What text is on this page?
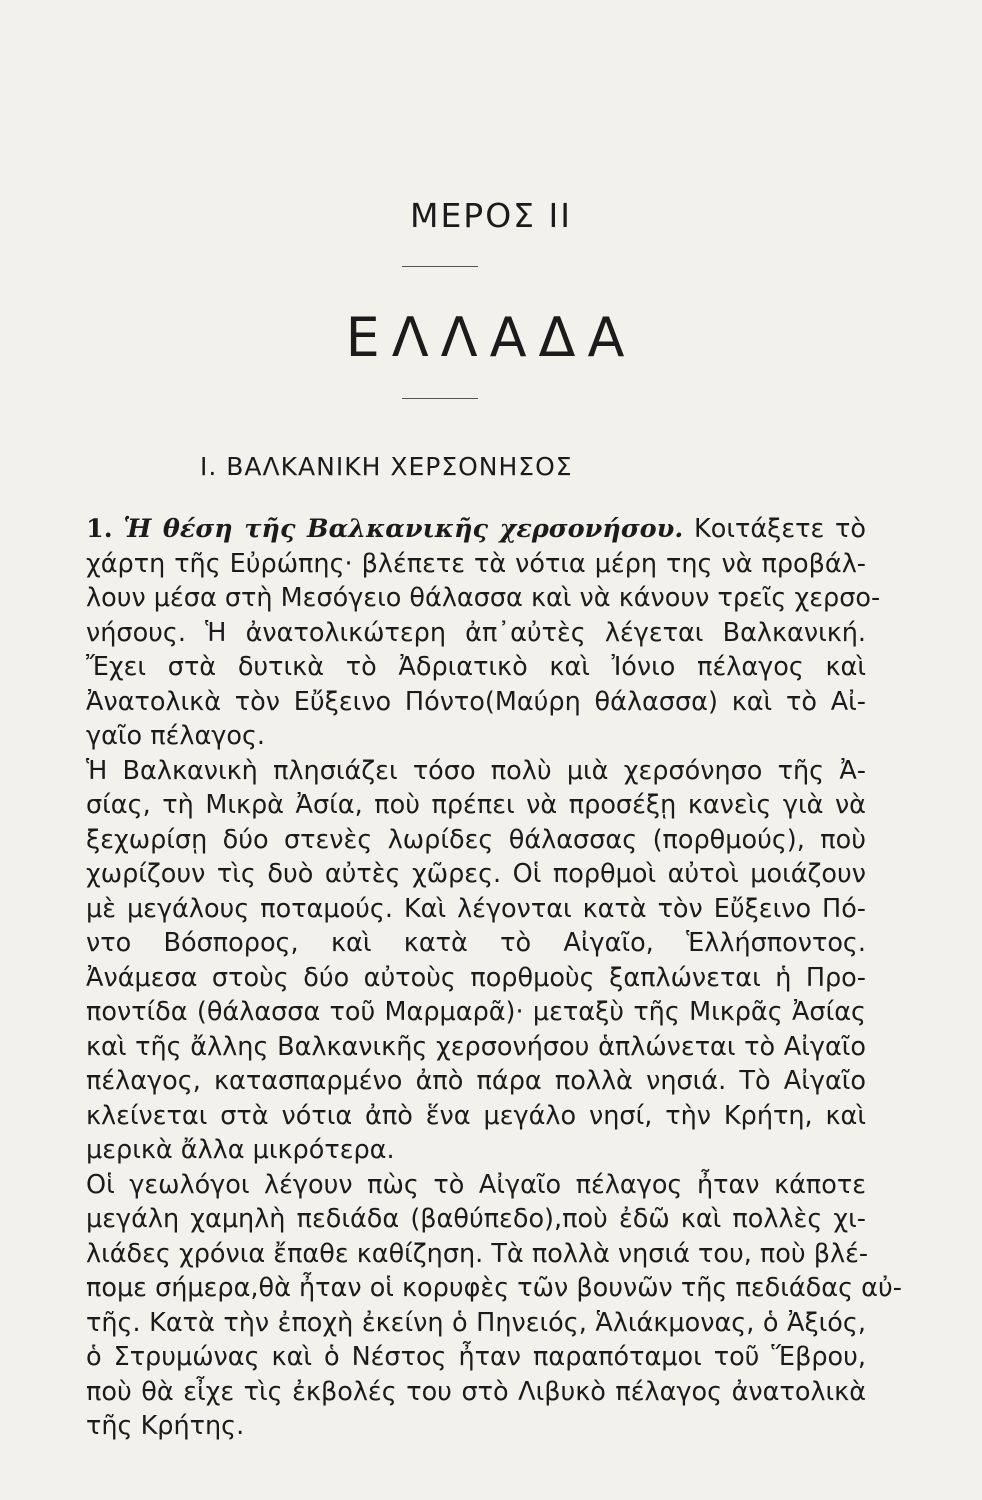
ΜΕΡΟΣ ΙΙ
ΕΛΛΑΔΑ
Ι. ΒΑΛΚΑΝΙΚΗ ΧΕΡΣΟΝΗΣΟΣ
1. Ἡ θέση τῆς Βαλκανικῆς χερσονήσου. Κοιτάξετε τὸ
χάρτη τῆς Εὐρώπης· βλέπετε τὰ νότια μέρη της νὰ προβάλ-
λουν μέσα στὴ Μεσόγειο θάλασσα καὶ νὰ κάνουν τρεῖς χερσο-
νήσους. Ἡ ἀνατολικώτερη ἀπ᾽αὐτὲς λέγεται Βαλκανική.
Ἔχει στὰ δυτικὰ τὸ Ἀδριατικὸ καὶ Ἰόνιο πέλαγος καὶ
Ἀνατολικὰ τὸν Εὔξεινο Πόντο(Μαύρη θάλασσα) καὶ τὸ Αἰ-
γαῖο πέλαγος.
Ἡ Βαλκανικὴ πλησιάζει τόσο πολὺ μιὰ χερσόνησο τῆς Ἀ-
σίας, τὴ Μικρὰ Ἀσία, ποὺ πρέπει νὰ προσέξῃ κανεὶς γιὰ νὰ
ξεχωρίσῃ δύο στενὲς λωρίδες θάλασσας (πορθμούς), ποὺ
χωρίζουν τὶς δυὸ αὐτὲς χῶρες. Οἱ πορθμοὶ αὐτοὶ μοιάζουν
μὲ μεγάλους ποταμούς. Καὶ λέγονται κατὰ τὸν Εὔξεινο Πό-
ντο Βόσπορος, καὶ κατὰ τὸ Αἰγαῖο, Ἑλλήσποντος.
Ἀνάμεσα στοὺς δύο αὐτοὺς πορθμοὺς ξαπλώνεται ἡ Προ-
ποντίδα (θάλασσα τοῦ Μαρμαρᾶ)· μεταξὺ τῆς Μικρᾶς Ἀσίας
καὶ τῆς ἄλλης Βαλκανικῆς χερσονήσου ἁπλώνεται τὸ Αἰγαῖο
πέλαγος, κατασπαρμένο ἀπὸ πάρα πολλὰ νησιά. Τὸ Αἰγαῖο
κλείνεται στὰ νότια ἀπὸ ἕνα μεγάλο νησί, τὴν Κρήτη, καὶ
μερικὰ ἄλλα μικρότερα.
Οἱ γεωλόγοι λέγουν πὼς τὸ Αἰγαῖο πέλαγος ἦταν κάποτε
μεγάλη χαμηλὴ πεδιάδα (βαθύπεδο),ποὺ ἐδῶ καὶ πολλὲς χι-
λιάδες χρόνια ἔπαθε καθίζηση. Τὰ πολλὰ νησιά του, ποὺ βλέ-
πομε σήμερα,θὰ ἦταν οἱ κορυφὲς τῶν βουνῶν τῆς πεδιάδας αὐ-
τῆς. Κατὰ τὴν ἐποχὴ ἐκείνη ὁ Πηνειός, Ἁλιάκμονας, ὁ Ἀξιός,
ὁ Στρυμώνας καὶ ὁ Νέστος ἦταν παραπόταμοι τοῦ Ἕβρου,
ποὺ θὰ εἶχε τὶς ἐκβολές του στὸ Λιβυκὸ πέλαγος ἀνατολικὰ
τῆς Κρήτης.
